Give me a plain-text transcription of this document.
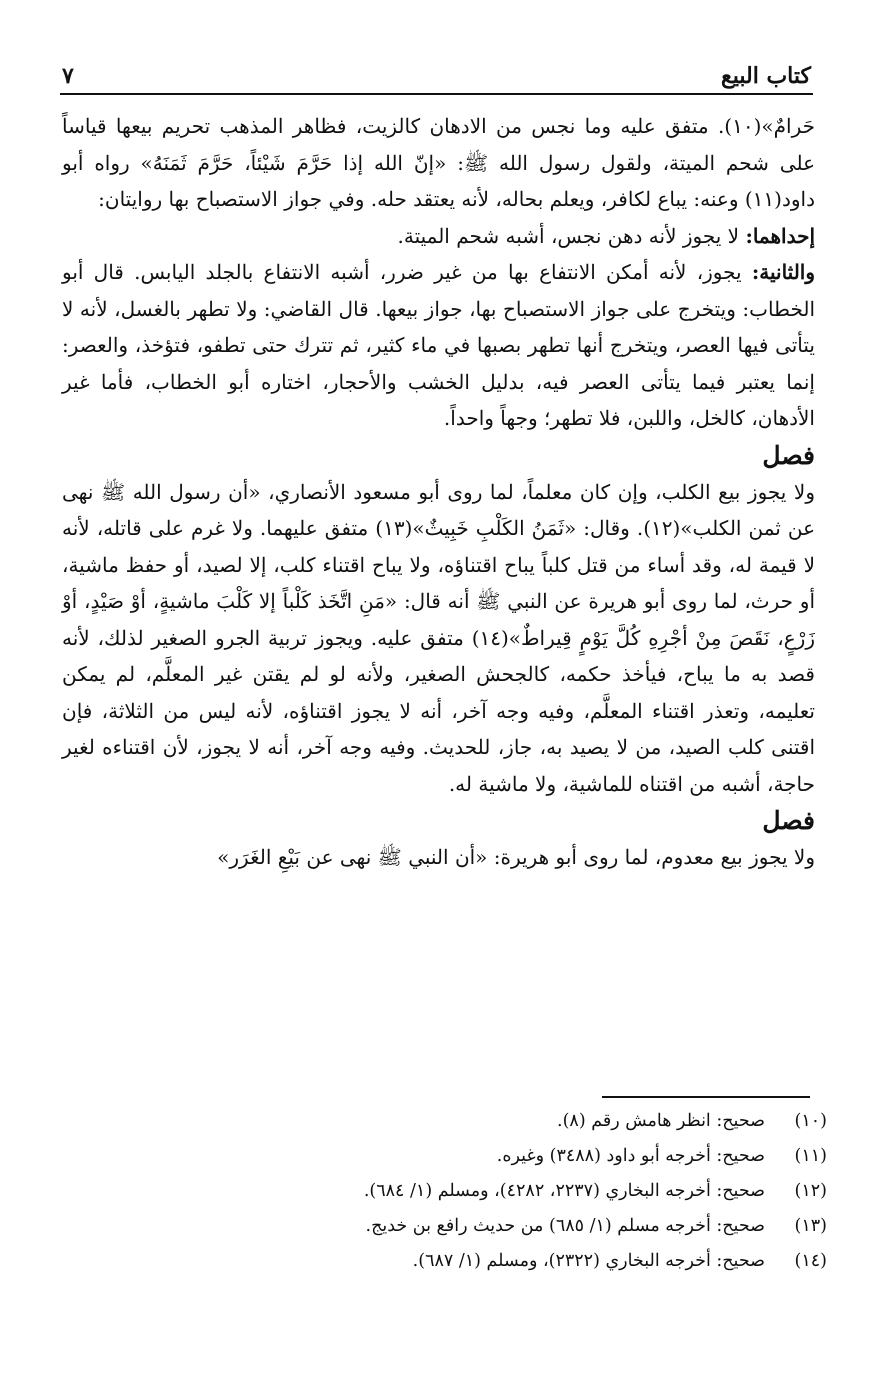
كتاب البيع
٧

حَرامٌ»(١٠). متفق عليه وما نجس من الادهان كالزيت، فظاهر المذهب تحريم بيعها قياساً على شحم الميتة، ولقول رسول الله ﷺ: «إنّ الله إذا حَرَّمَ شَيْئاً، حَرَّمَ ثَمَنَهُ» رواه أبو داود(١١) وعنه: يباع لكافر، ويعلم بحاله، لأنه يعتقد حله. وفي جواز الاستصباح بها روايتان:

إحداهما: لا يجوز لأنه دهن نجس، أشبه شحم الميتة.

والثانية: يجوز، لأنه أمكن الانتفاع بها من غير ضرر، أشبه الانتفاع بالجلد اليابس. قال أبو الخطاب: ويتخرج على جواز الاستصباح بها، جواز بيعها. قال القاضي: ولا تطهر بالغسل، لأنه لا يتأتى فيها العصر، ويتخرج أنها تطهر بصبها في ماء كثير، ثم تترك حتى تطفو، فتؤخذ، والعصر: إنما يعتبر فيما يتأتى العصر فيه، بدليل الخشب والأحجار، اختاره أبو الخطاب، فأما غير الأدهان، كالخل، واللبن، فلا تطهر؛ وجهاً واحداً.

فصل

ولا يجوز بيع الكلب، وإن كان معلماً، لما روى أبو مسعود الأنصاري، «أن رسول الله ﷺ نهى عن ثمن الكلب»(١٢). وقال: «ثَمَنُ الكَلْبِ خَبِيثٌ»(١٣) متفق عليهما. ولا غرم على قاتله، لأنه لا قيمة له، وقد أساء من قتل كلباً يباح اقتناؤه، ولا يباح اقتناء كلب، إلا لصيد، أو حفظ ماشية، أو حرث، لما روى أبو هريرة عن النبي ﷺ أنه قال: «مَنِ اتَّخَذ كَلْباً إلا كَلْبَ ماشيةٍ، أوْ صَيْدٍ، أوْ زَرْعٍ، نَقَصَ مِنْ أجْرِهِ كُلَّ يَوْمٍ قِيراطٌ»(١٤) متفق عليه. ويجوز تربية الجرو الصغير لذلك، لأنه قصد به ما يباح، فيأخذ حكمه، كالجحش الصغير، ولأنه لو لم يقتن غير المعلَّم، لم يمكن تعليمه، وتعذر اقتناء المعلَّم، وفيه وجه آخر، أنه لا يجوز اقتناؤه، لأنه ليس من الثلاثة، فإن اقتنى كلب الصيد، من لا يصيد به، جاز، للحديث. وفيه وجه آخر، أنه لا يجوز، لأن اقتناءه لغير حاجة، أشبه من اقتناه للماشية، ولا ماشية له.

فصل

ولا يجوز بيع معدوم، لما روى أبو هريرة: «أن النبي ﷺ نهى عن بَيْعِ الغَرَر»

(١٠)
صحيح: انظر هامش رقم (٨).
(١١)
صحيح: أخرجه أبو داود (٣٤٨٨) وغيره.
(١٢)
صحيح: أخرجه البخاري (٢٢٣٧، ٤٢٨٢)، ومسلم (١/ ٦٨٤).
(١٣)
صحيح: أخرجه مسلم (١/ ٦٨٥) من حديث رافع بن خديج.
(١٤)
صحيح: أخرجه البخاري (٢٣٢٢)، ومسلم (١/ ٦٨٧).
